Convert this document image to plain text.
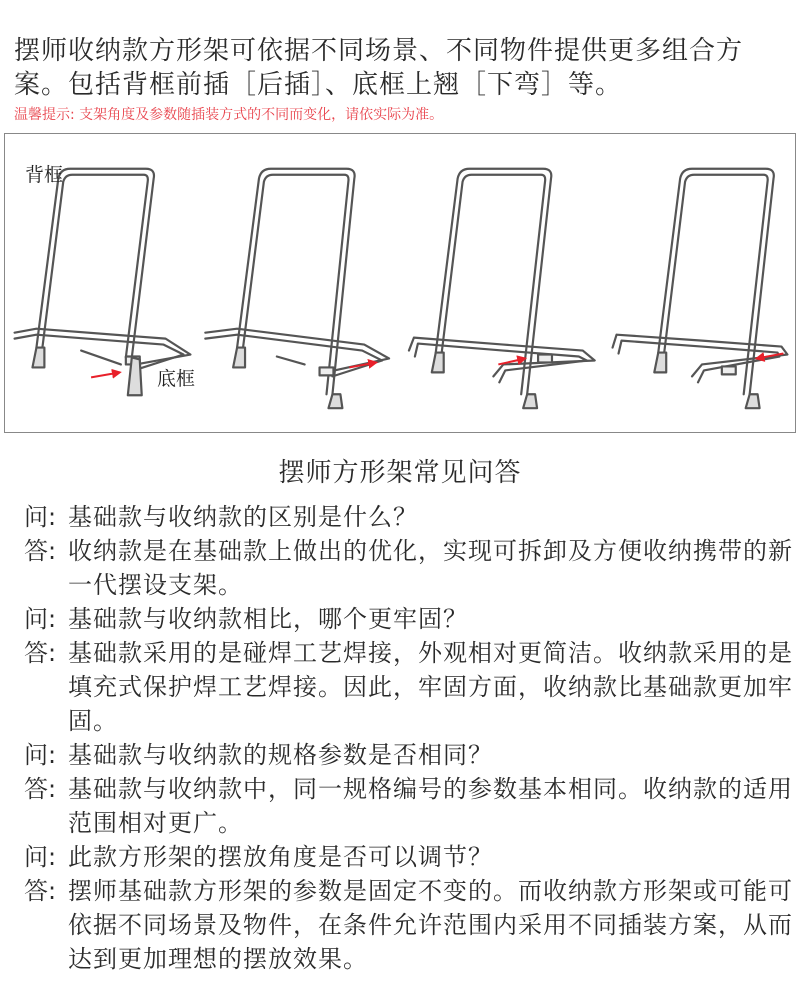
摆师收纳款方形架可依据不同场景、不同物件提供更多组合方案。包括背框前插［后插］、底框上翘［下弯］等。
温馨提示: 支架角度及参数随插装方式的不同而变化，请依实际为准。
背框
底框
摆师方形架常见问答
问: 基础款与收纳款的区别是什么？
答: 收纳款是在基础款上做出的优化，实现可拆卸及方便收纳携带的新一代摆设支架。
问: 基础款与收纳款相比，哪个更牢固？
答: 基础款采用的是碰焊工艺焊接，外观相对更简洁。收纳款采用的是填充式保护焊工艺焊接。因此，牢固方面，收纳款比基础款更加牢固。
问: 基础款与收纳款的规格参数是否相同？
答: 基础款与收纳款中，同一规格编号的参数基本相同。收纳款的适用范围相对更广。
问: 此款方形架的摆放角度是否可以调节？
答: 摆师基础款方形架的参数是固定不变的。而收纳款方形架或可能可依据不同场景及物件，在条件允许范围内采用不同插装方案，从而达到更加理想的摆放效果。
